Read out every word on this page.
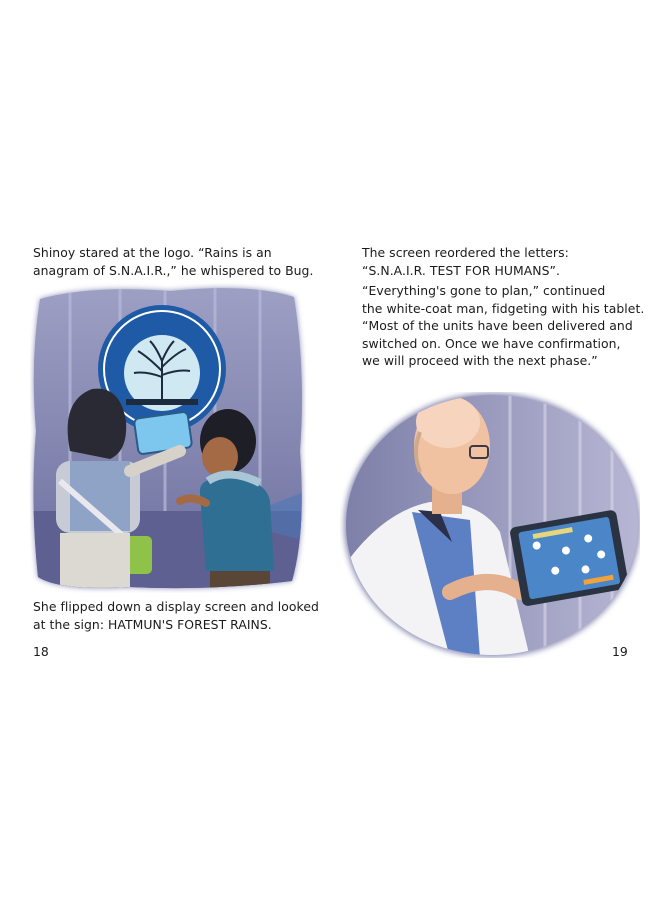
Shinoy stared at the logo. “Rains is an
anagram of S.N.A.I.R.,” he whispered to Bug.

She flipped down a display screen and looked
at the sign: HATMUN'S FOREST RAINS.

18

The screen reordered the letters:
“S.N.A.I.R. TEST FOR HUMANS”.

“Everything's gone to plan,” continued
the white-coat man, fidgeting with his tablet.
“Most of the units have been delivered and
switched on. Once we have confirmation,
we will proceed with the next phase.”

19
